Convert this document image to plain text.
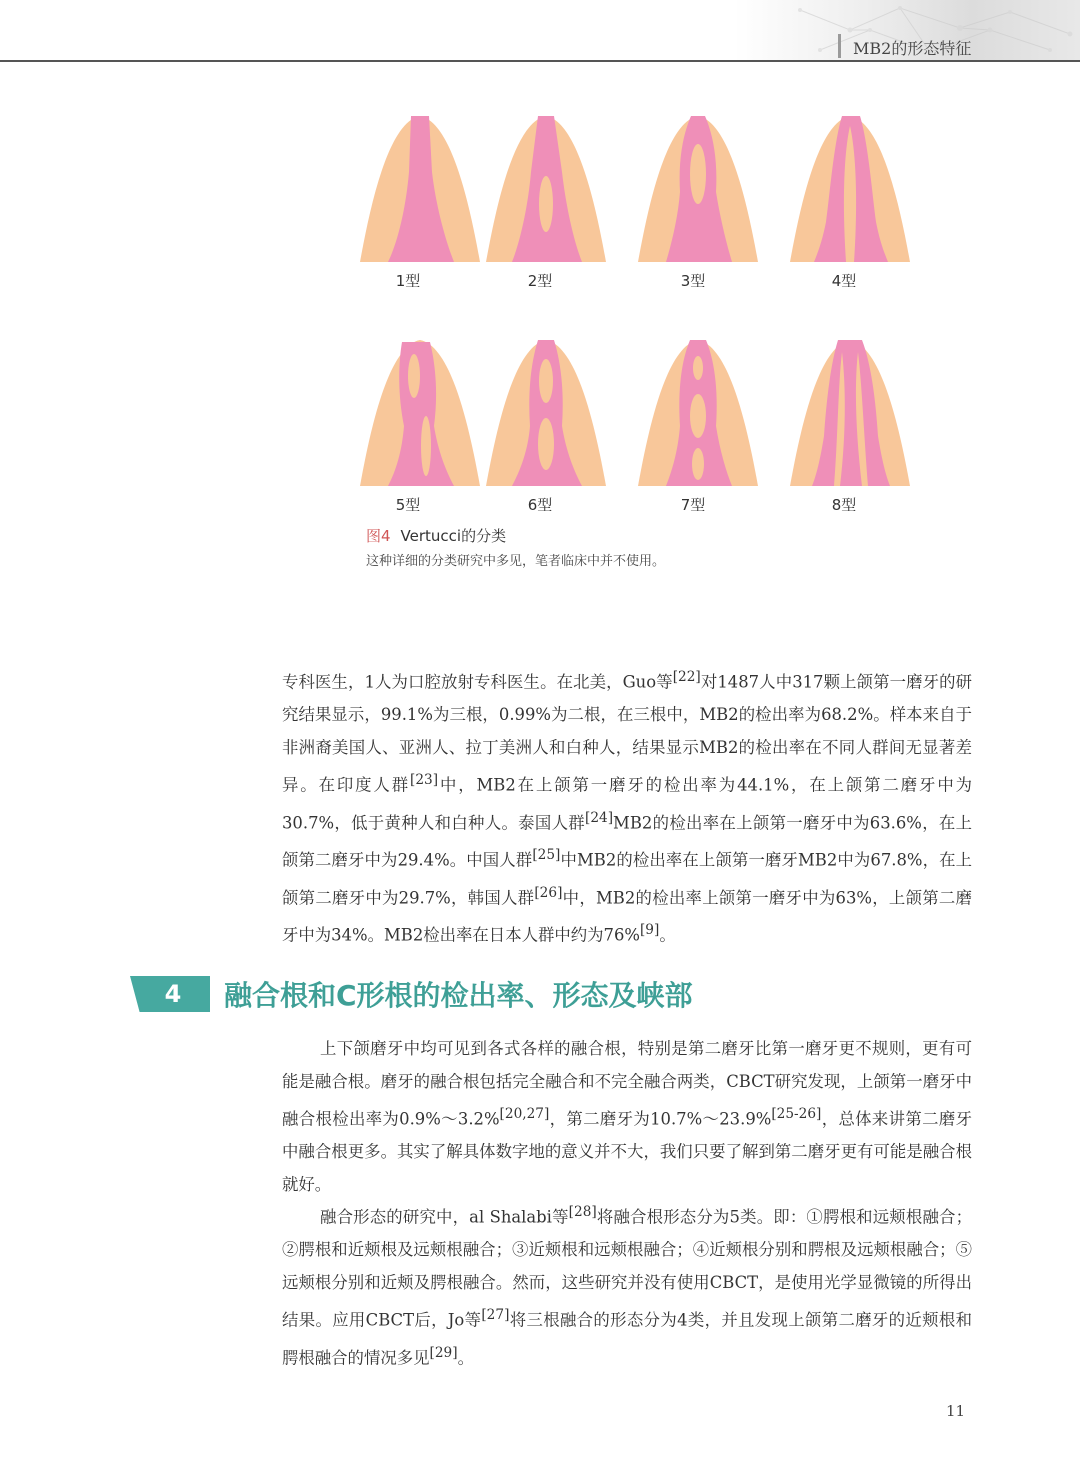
MB2的形态特征
1型	2型	3型	4型
5型	6型	7型	8型
图4 Vertucci的分类
这种详细的分类研究中多见，笔者临床中并不使用。
专科医生，1人为口腔放射专科医生。在北美，Guo等[22]对1487人中317颗上颌第一磨牙的研究结果显示，99.1%为三根，0.99%为二根，在三根中，MB2的检出率为68.2%。样本来自于非洲裔美国人、亚洲人、拉丁美洲人和白种人，结果显示MB2的检出率在不同人群间无显著差异。在印度人群[23]中，MB2在上颌第一磨牙的检出率为44.1%，在上颌第二磨牙中为30.7%，低于黄种人和白种人。泰国人群[24]MB2的检出率在上颌第一磨牙中为63.6%，在上颌第二磨牙中为29.4%。中国人群[25]中MB2的检出率在上颌第一磨牙MB2中为67.8%，在上颌第二磨牙中为29.7%，韩国人群[26]中，MB2的检出率上颌第一磨牙中为63%，上颌第二磨牙中为34%。MB2检出率在日本人群中约为76%[9]。
4	融合根和C形根的检出率、形态及峡部
上下颌磨牙中均可见到各式各样的融合根，特别是第二磨牙比第一磨牙更不规则，更有可能是融合根。磨牙的融合根包括完全融合和不完全融合两类，CBCT研究发现，上颌第一磨牙中融合根检出率为0.9%～3.2%[20,27]，第二磨牙为10.7%～23.9%[25-26]，总体来讲第二磨牙中融合根更多。其实了解具体数字地的意义并不大，我们只要了解到第二磨牙更有可能是融合根就好。
融合形态的研究中，al Shalabi等[28]将融合根形态分为5类。即：①腭根和远颊根融合；②腭根和近颊根及远颊根融合；③近颊根和远颊根融合；④近颊根分别和腭根及远颊根融合；⑤远颊根分别和近颊及腭根融合。然而，这些研究并没有使用CBCT，是使用光学显微镜的所得出结果。应用CBCT后，Jo等[27]将三根融合的形态分为4类，并且发现上颌第二磨牙的近颊根和腭根融合的情况多见[29]。
11
